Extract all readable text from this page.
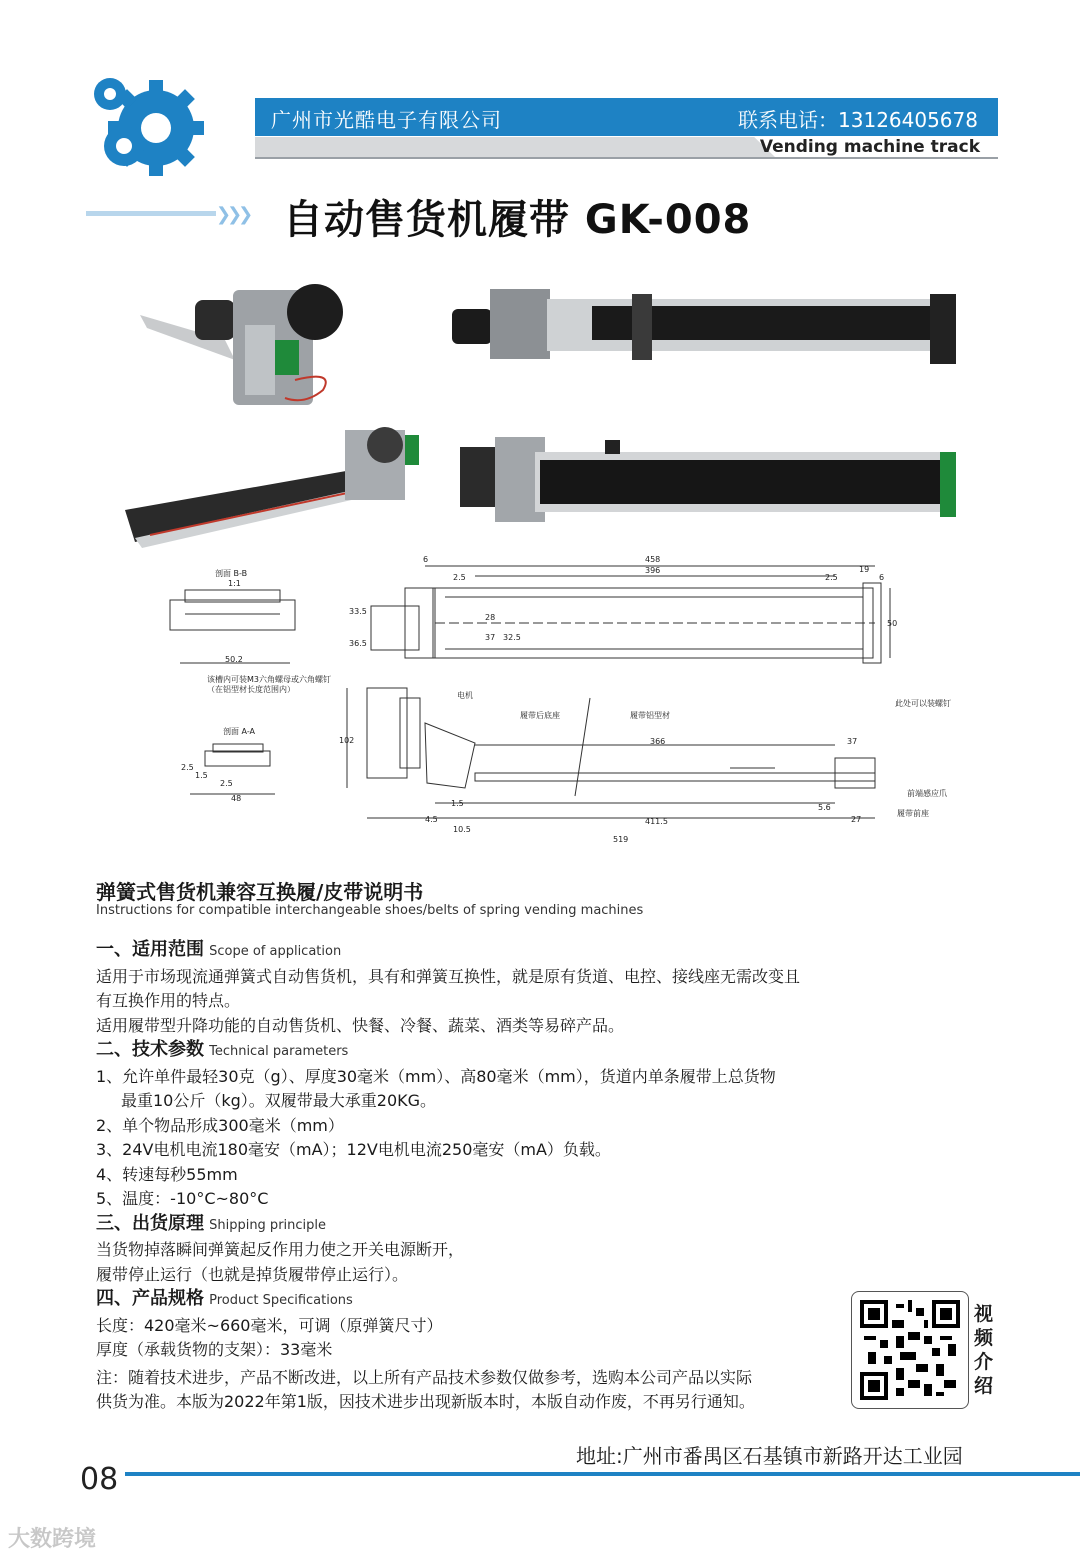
广州市光酷电子有限公司	联系电话：13126405678
Vending machine track
❯❯❯ 自动售货机履带 GK-008
剖面 B-B
1:1
50.2
该槽内可装M3六角螺母或六角螺钉
（在铝型材长度范围内）
剖面 A-A
2.5
1.5
2.5
48
458
396
6
2.5	2.5
19
6
33.5
36.5
28
37 32.5
50
此处可以装螺钉
电机
履带后底座	履带铝型材
102	366	37
前端感应爪
履带前座
1.5
4.5
10.5
5.6
27
411.5
519
弹簧式售货机兼容互换履/皮带说明书
Instructions for compatible interchangeable shoes/belts of spring vending machines

一、适用范围 Scope of application

适用于市场现流通弹簧式自动售货机，具有和弹簧互换性，就是原有货道、电控、接线座无需改变且

有互换作用的特点。

适用履带型升降功能的自动售货机、快餐、冷餐、蔬菜、酒类等易碎产品。

二、技术参数 Technical parameters

1、允许单件最轻30克（g）、厚度30毫米（mm）、高80毫米（mm），货道内单条履带上总货物

最重10公斤（kg）。双履带最大承重20KG。

2、单个物品形成300毫米（mm）

3、24V电机电流180毫安（mA）；12V电机电流250毫安（mA）负载。

4、转速每秒55mm

5、温度：-10°C~80°C

三、出货原理 Shipping principle

当货物掉落瞬间弹簧起反作用力使之开关电源断开，

履带停止运行（也就是掉货履带停止运行）。

四、产品规格 Product Specifications

长度：420毫米~660毫米，可调（原弹簧尺寸）

厚度（承载货物的支架）：33毫米

注：随着技术进步，产品不断改进，以上所有产品技术参数仅做参考，选购本公司产品以实际
供货为准。本版为2022年第1版，因技术进步出现新版本时，本版自动作废，不再另行通知。
视频介绍
地址:广州市番禺区石基镇市新路开达工业园
08
大数跨境
